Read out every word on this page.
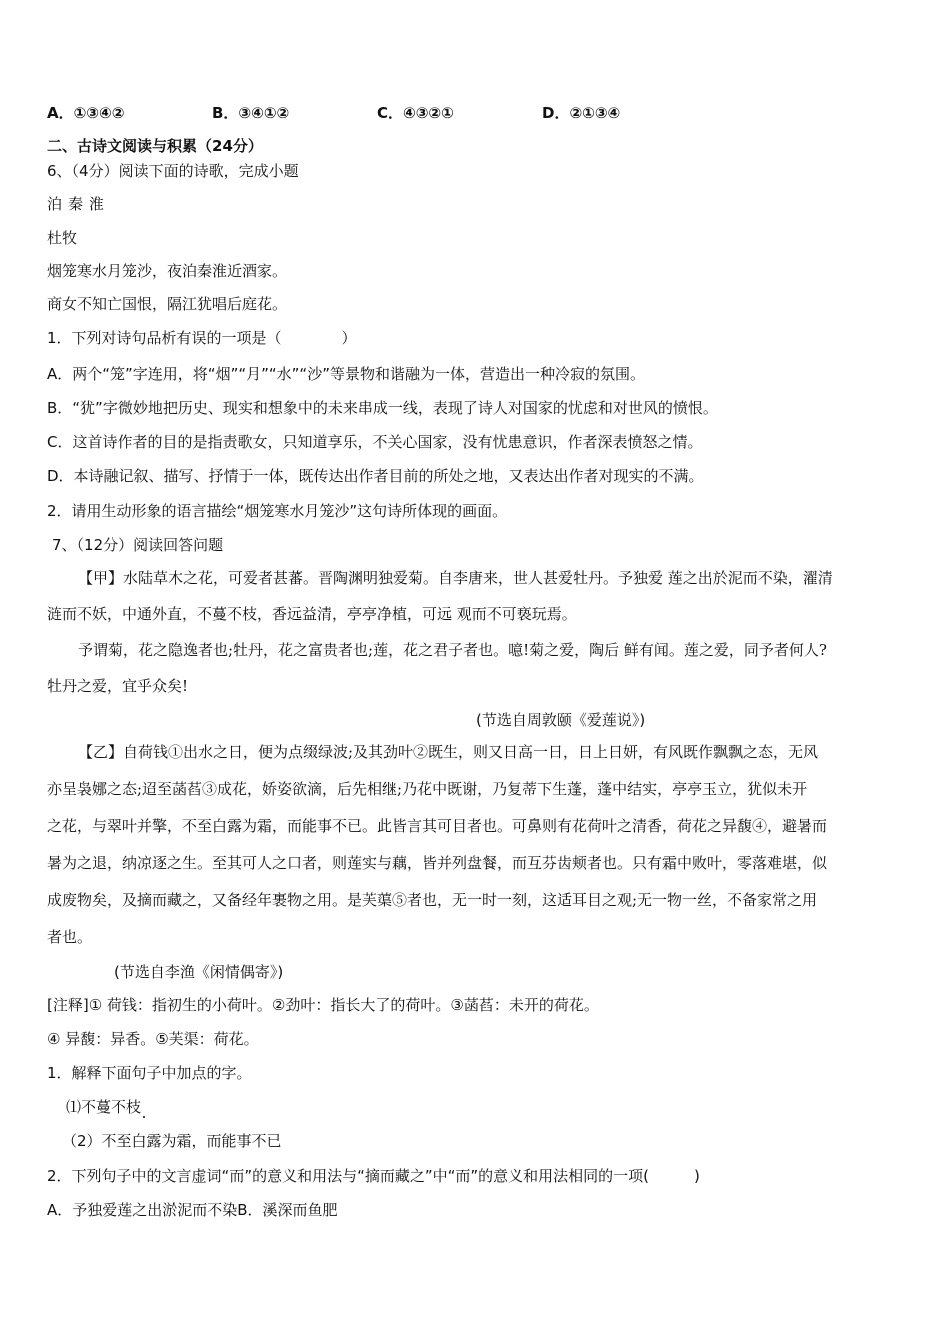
A．①③④②	B．③④①②	C．④③②①	D．②①③④
二、古诗文阅读与积累（24分）
6、（4分）阅读下面的诗歌，完成小题
泊 秦 淮
杜牧
烟笼寒水月笼沙，夜泊秦淮近酒家。
商女不知亡国恨，隔江犹唱后庭花。
1．下列对诗句品析有误的一项是（　　　　）
A．两个“笼”字连用，将“烟”“月”“水”“沙”等景物和谐融为一体，营造出一种冷寂的氛围。
B．“犹”字微妙地把历史、现实和想象中的未来串成一线，表现了诗人对国家的忧虑和对世风的愤恨。
C．这首诗作者的目的是指责歌女，只知道享乐，不关心国家，没有忧患意识，作者深表愤怒之情。
D．本诗融记叙、描写、抒情于一体，既传达出作者目前的所处之地，又表达出作者对现实的不满。
2．请用生动形象的语言描绘“烟笼寒水月笼沙”这句诗所体现的画面。
7、（12分）阅读回答问题
【甲】水陆草木之花，可爱者甚蕃。晋陶渊明独爱菊。自李唐来，世人甚爱牡丹。予独爱 莲之出於泥而不染，濯清
涟而不妖，中通外直，不蔓不枝，香远益清，亭亭净植，可远 观而不可亵玩焉。
予谓菊，花之隐逸者也;牡丹，花之富贵者也;莲，花之君子者也。噫!菊之爱，陶后 鲜有闻。莲之爱，同予者何人?
牡丹之爱，宜乎众矣!
(节选自周敦颐《爱莲说》)
【乙】自荷钱①出水之日，便为点缀绿波;及其劲叶②既生，则又日高一日，日上日妍，有风既作飘飘之态，无风
亦呈袅娜之态;迢至菡萏③成花，娇姿欲滴，后先相继;乃花中既谢，乃复蒂下生蓬，蓬中结实，亭亭玉立，犹似未开
之花，与翠叶并擎，不至白露为霜，而能事不已。此皆言其可目者也。可鼻则有花荷叶之清香，荷花之异馥④，避暑而
暑为之退，纳凉逐之生。至其可人之口者，则莲实与藕，皆并列盘餐，而互芬齿颊者也。只有霜中败叶，零落难堪，似
成废物矣，及摘而藏之，又备经年裹物之用。是芙蕖⑤者也，无一时一刻，这适耳目之观;无一物一丝，不备家常之用
者也。
(节选自李渔《闲情偶寄》)
[注释]① 荷钱：指初生的小荷叶。②劲叶：指长大了的荷叶。③菡萏：未开的荷花。
④ 异馥：异香。⑤芙渠：荷花。
1．解释下面句子中加点的字。
⑴不蔓不枝
（2）不至白露为霜，而能事不已
2．下列句子中的文言虚词“而”的意义和用法与“摘而藏之”中“而”的意义和用法相同的一项(　　　)
A．予独爱莲之出淤泥而不染B．溪深而鱼肥
